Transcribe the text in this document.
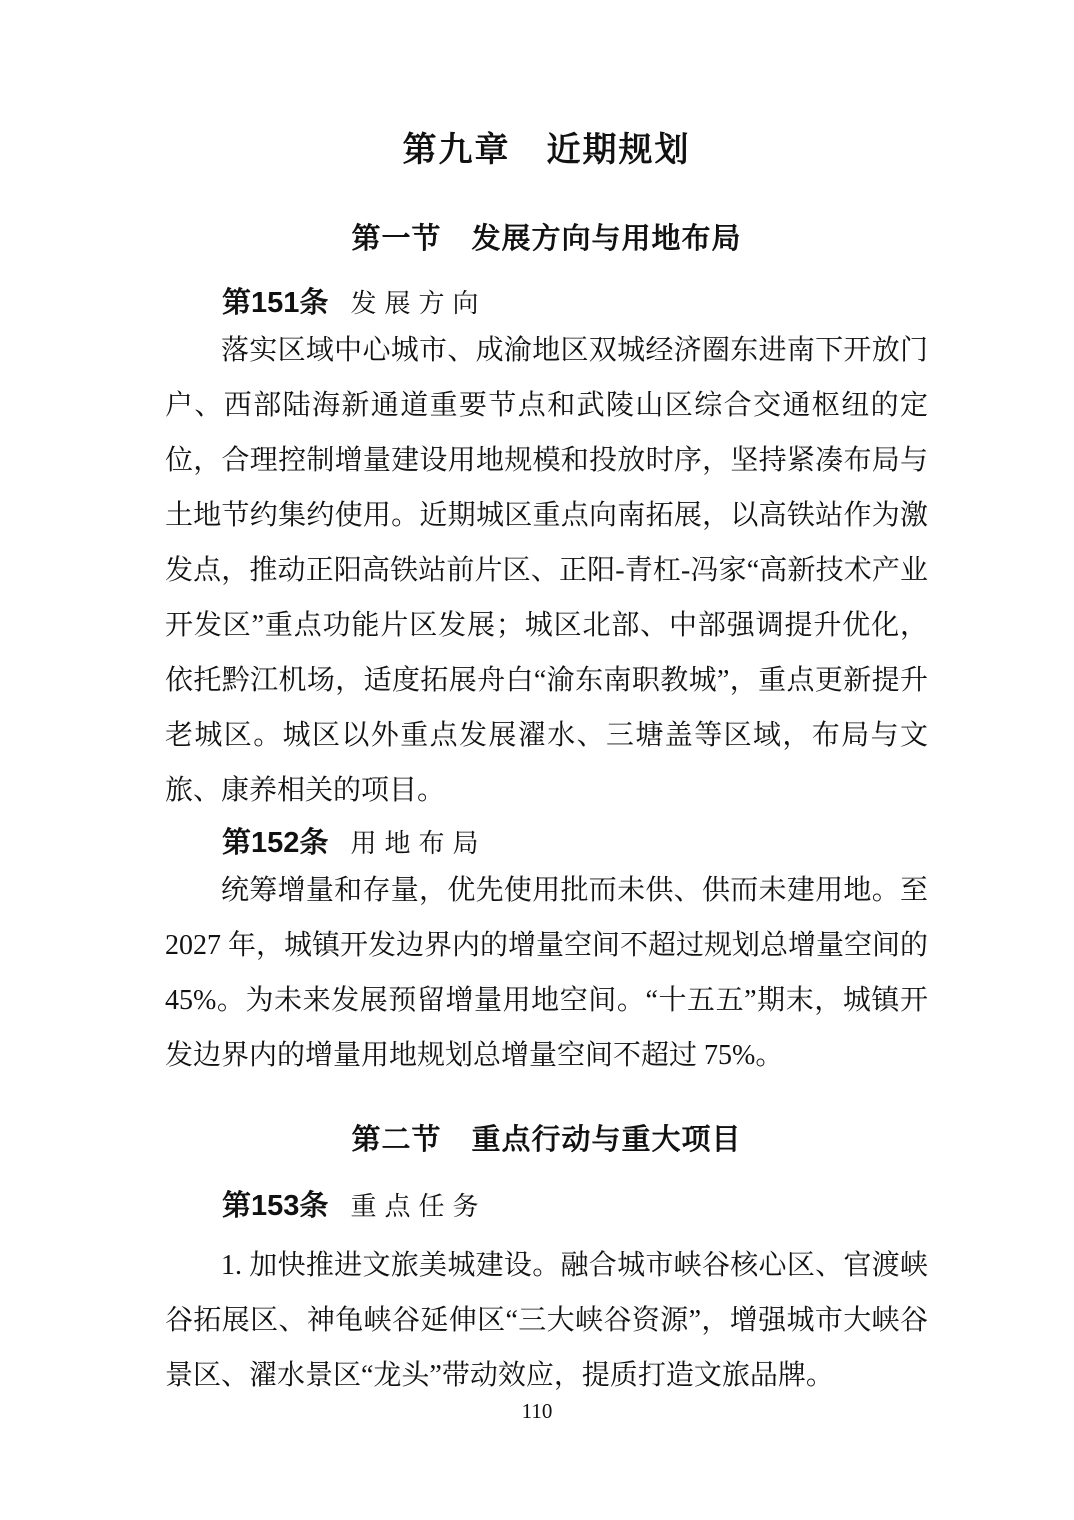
第九章　近期规划
第一节　发展方向与用地布局
第151条 发展方向

落实区域中心城市、成渝地区双城经济圈东进南下开放门户、西部陆海新通道重要节点和武陵山区综合交通枢纽的定位，合理控制增量建设用地规模和投放时序，坚持紧凑布局与土地节约集约使用。近期城区重点向南拓展，以高铁站作为激发点，推动正阳高铁站前片区、正阳-青杠-冯家“高新技术产业开发区”重点功能片区发展；城区北部、中部强调提升优化，依托黔江机场，适度拓展舟白“渝东南职教城”，重点更新提升老城区。城区以外重点发展濯水、三塘盖等区域，布局与文旅、康养相关的项目。

第152条 用地布局

统筹增量和存量，优先使用批而未供、供而未建用地。至 2027 年，城镇开发边界内的增量空间不超过规划总增量空间的 45%。为未来发展预留增量用地空间。“十五五”期末，城镇开发边界内的增量用地规划总增量空间不超过 75%。

第二节　重点行动与重大项目
第153条 重点任务

1. 加快推进文旅美城建设。融合城市峡谷核心区、官渡峡谷拓展区、神龟峡谷延伸区“三大峡谷资源”，增强城市大峡谷景区、濯水景区“龙头”带动效应，提质打造文旅品牌。

110
